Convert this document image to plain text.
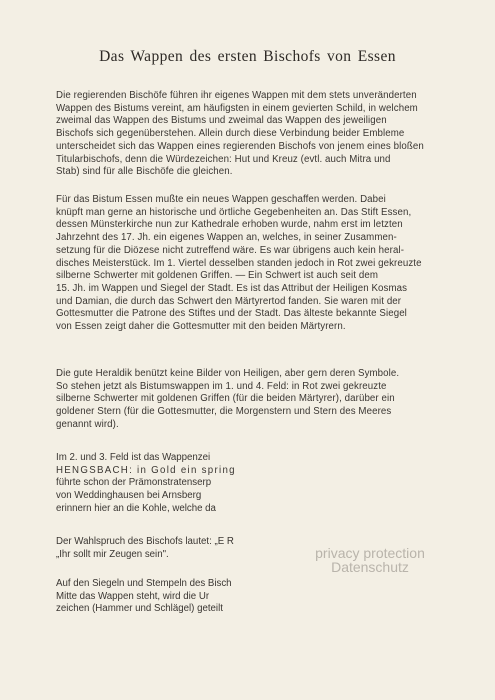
Das Wappen des ersten Bischofs von Essen

Die regierenden Bischöfe führen ihr eigenes Wappen mit dem stets unveränderten
Wappen des Bistums vereint, am häufigsten in einem gevierten Schild, in welchem
zweimal das Wappen des Bistums und zweimal das Wappen des jeweiligen
Bischofs sich gegenüberstehen. Allein durch diese Verbindung beider Embleme
unterscheidet sich das Wappen eines regierenden Bischofs von jenem eines bloßen
Titularbischofs, denn die Würdezeichen: Hut und Kreuz (evtl. auch Mitra und
Stab) sind für alle Bischöfe die gleichen.

Für das Bistum Essen mußte ein neues Wappen geschaffen werden. Dabei
knüpft man gerne an historische und örtliche Gegebenheiten an. Das Stift Essen,
dessen Münsterkirche nun zur Kathedrale erhoben wurde, nahm erst im letzten
Jahrzehnt des 17. Jh. ein eigenes Wappen an, welches, in seiner Zusammen-
setzung für die Diözese nicht zutreffend wäre. Es war übrigens auch kein heral-
disches Meisterstück. Im 1. Viertel desselben standen jedoch in Rot zwei gekreuzte
silberne Schwerter mit goldenen Griffen. — Ein Schwert ist auch seit dem
15. Jh. im Wappen und Siegel der Stadt. Es ist das Attribut der Heiligen Kosmas
und Damian, die durch das Schwert den Märtyrertod fanden. Sie waren mit der
Gottesmutter die Patrone des Stiftes und der Stadt. Das älteste bekannte Siegel
von Essen zeigt daher die Gottesmutter mit den beiden Märtyrern.

Die gute Heraldik benützt keine Bilder von Heiligen, aber gern deren Symbole.
So stehen jetzt als Bistumswappen im 1. und 4. Feld: in Rot zwei gekreuzte
silberne Schwerter mit goldenen Griffen (für die beiden Märtyrer), darüber ein
goldener Stern (für die Gottesmutter, die Morgenstern und Stern des Meeres
genannt wird).

Im 2. und 3. Feld ist das Wappenzei
HENGSBACH: in Gold ein spring
führte schon der Prämonstratenserp
von Weddinghausen bei Arnsberg
erinnern hier an die Kohle, welche da

Der Wahlspruch des Bischofs lautet: „E R
„Ihr sollt mir Zeugen sein".

Auf den Siegeln und Stempeln des Bisch
Mitte das Wappen steht, wird die Ur
zeichen (Hammer und Schlägel) geteilt

privacy protection
Datenschutz
